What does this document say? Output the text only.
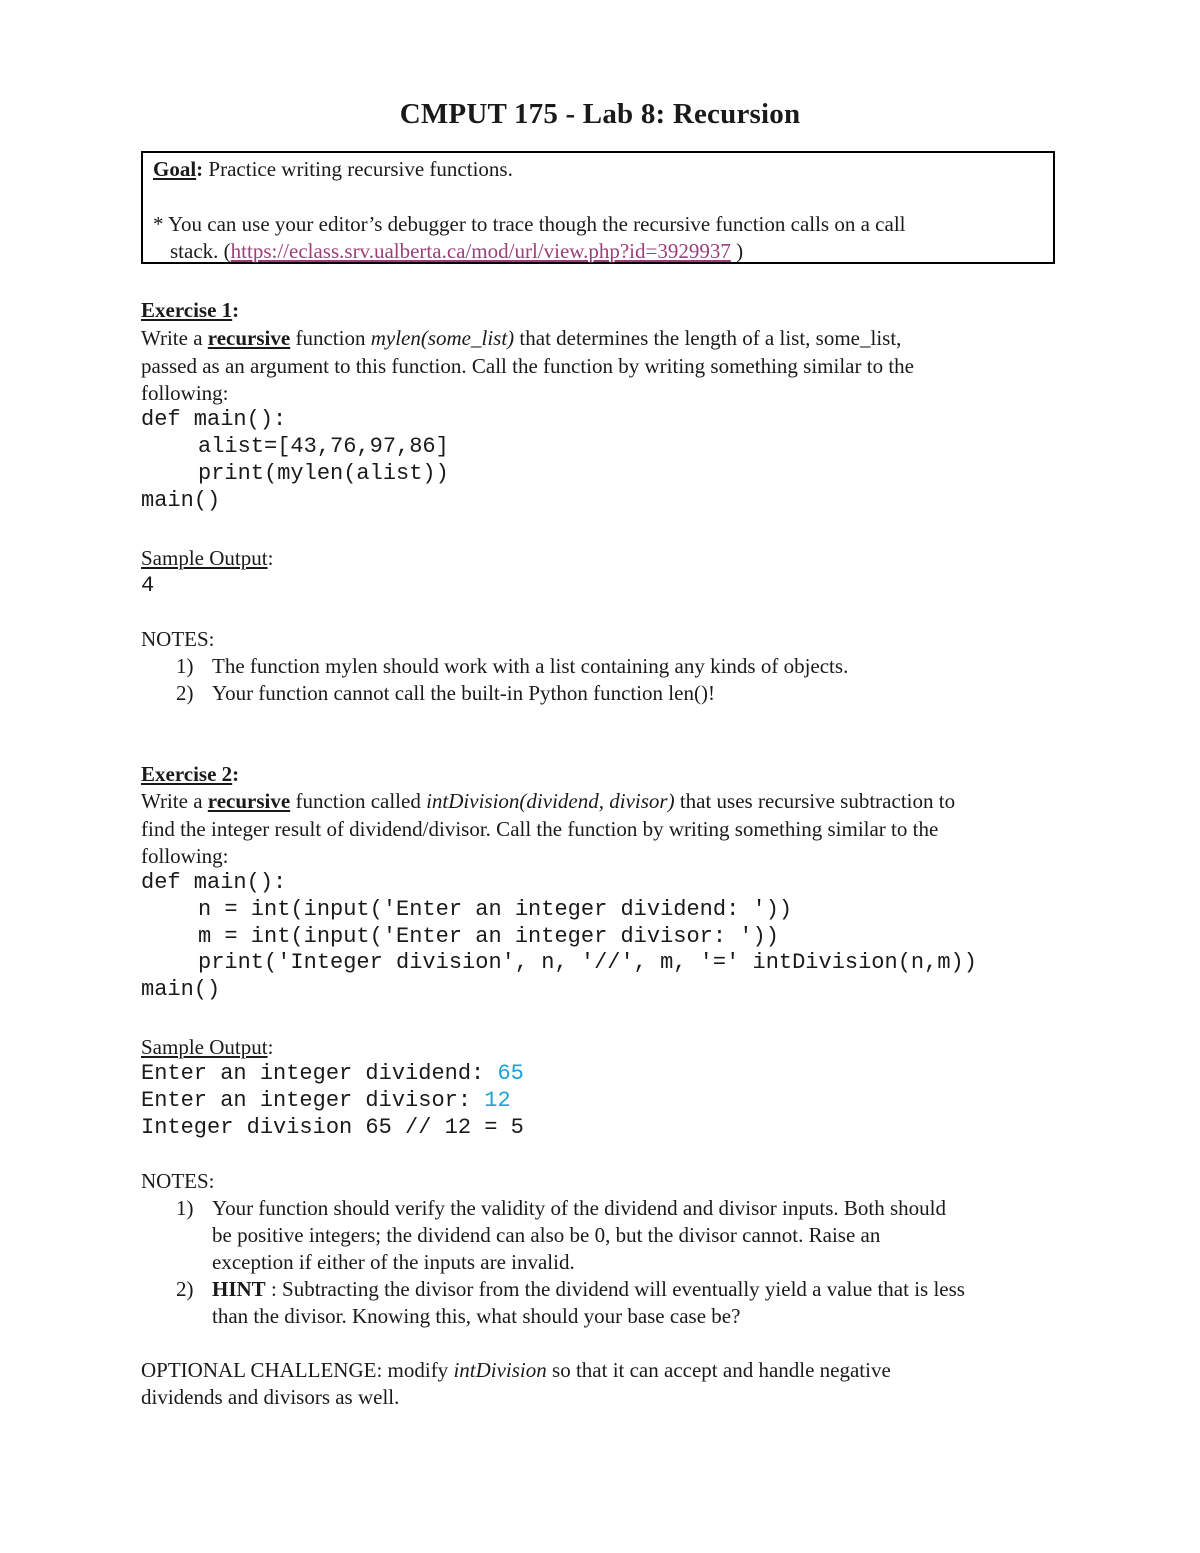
CMPUT 175 - Lab 8: Recursion
Goal: Practice writing recursive functions.
* You can use your editor’s debugger to trace though the recursive function calls on a call
stack. (https://eclass.srv.ualberta.ca/mod/url/view.php?id=3929937 )
Exercise 1:
Write a recursive function mylen(some_list) that determines the length of a list, some_list,
passed as an argument to this function. Call the function by writing something similar to the
following:
def main():
alist=[43,76,97,86]
print(mylen(alist))
main()
Sample Output:
4
NOTES:
1) The function mylen should work with a list containing any kinds of objects.
2) Your function cannot call the built-in Python function len()!
Exercise 2:
Write a recursive function called intDivision(dividend, divisor) that uses recursive subtraction to
find the integer result of dividend/divisor. Call the function by writing something similar to the
following:
def main():
n = int(input('Enter an integer dividend: '))
m = int(input('Enter an integer divisor: '))
print('Integer division', n, '//', m, '=' intDivision(n,m))
main()
Sample Output:
Enter an integer dividend: 65
Enter an integer divisor: 12
Integer division 65 // 12 = 5
NOTES:
1) Your function should verify the validity of the dividend and divisor inputs. Both should
be positive integers; the dividend can also be 0, but the divisor cannot. Raise an
exception if either of the inputs are invalid.
2) HINT : Subtracting the divisor from the dividend will eventually yield a value that is less
than the divisor. Knowing this, what should your base case be?
OPTIONAL CHALLENGE: modify intDivision so that it can accept and handle negative
dividends and divisors as well.
